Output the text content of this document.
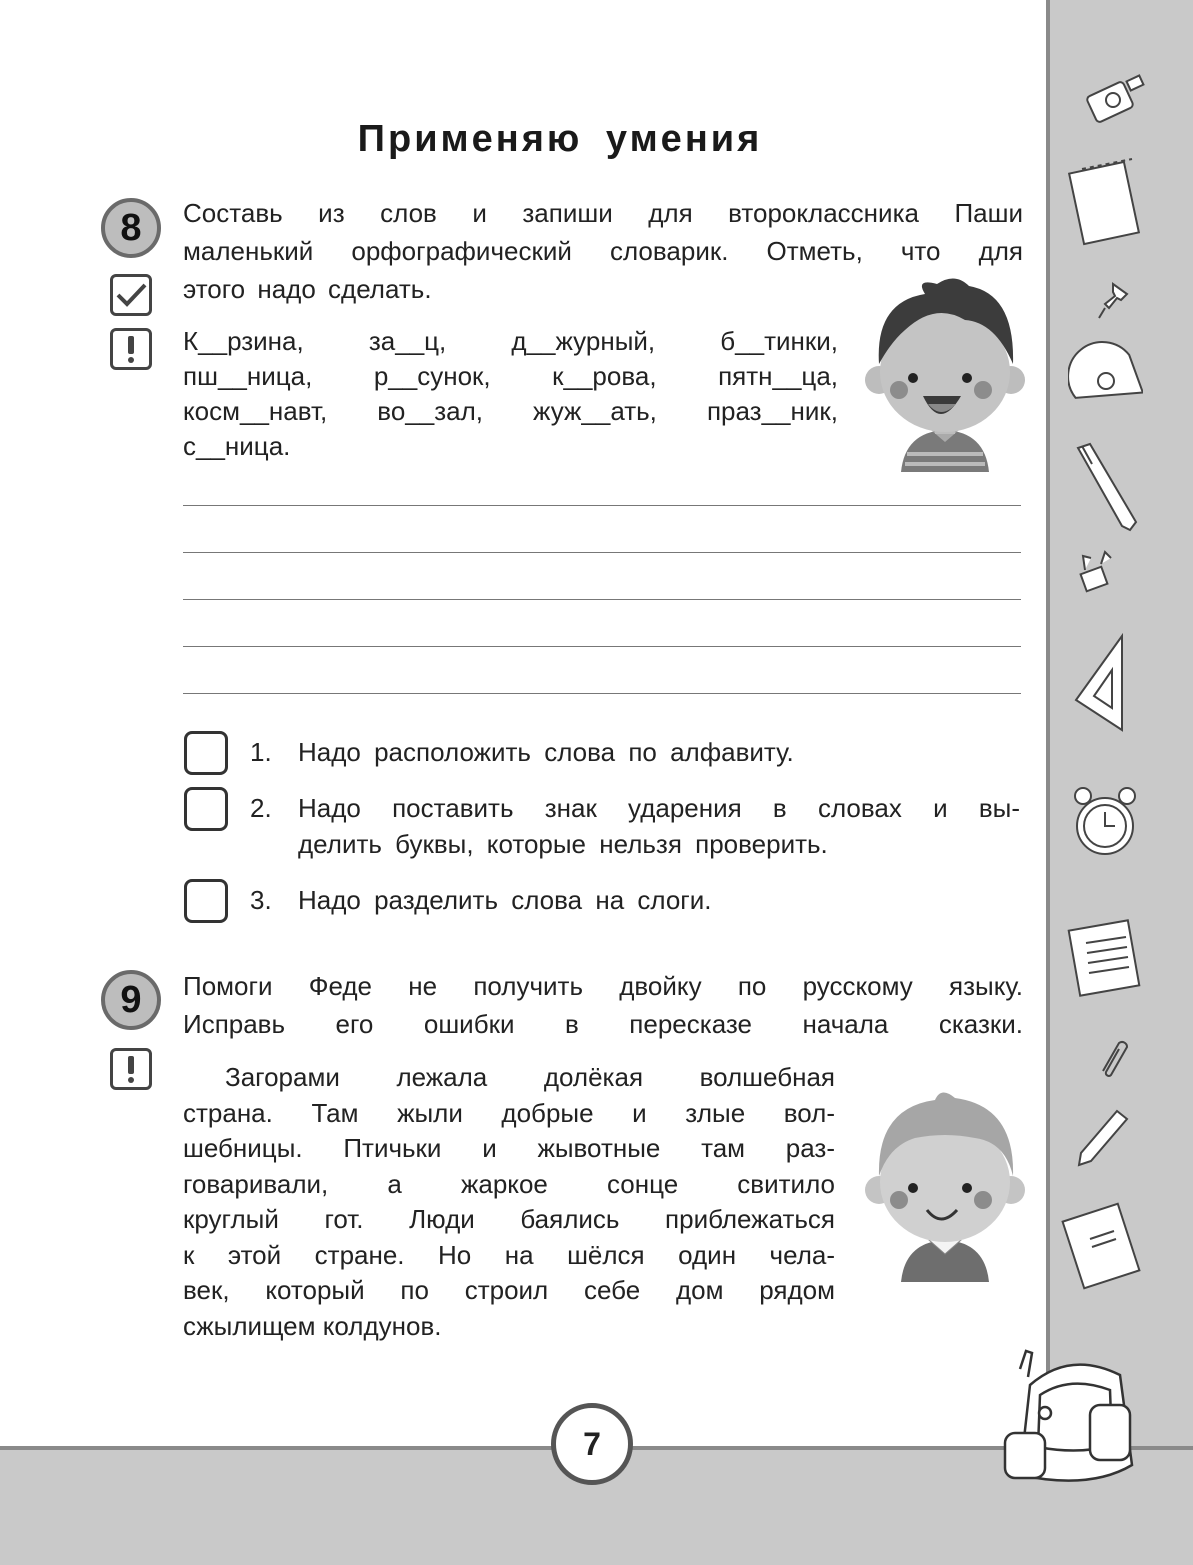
Применяю умения
8	Составь из слов и запиши для второклассника Паши
маленький орфографический словарик. Отметь, что для
этого надо сделать.
К__рзина, за__ц, д__журный, б__тинки,
пш__ница, р__сунок, к__рова, пятн__ца,
косм__навт, во__зал, жуж__ать, праз__ник,
с__ница.
1. Надо расположить слова по алфавиту.
2. Надо поставить знак ударения в словах и вы-
делить буквы, которые нельзя проверить.
3. Надо разделить слова на слоги.
9	Помоги Феде не получить двойку по русскому языку.
Исправь его ошибки в пересказе начала сказки.
Загорами лежала долёкая волшебная
страна. Там жыли добрые и злые вол-
шебницы. Птичьки и жывотные там раз-
говаривали, а жаркое сонце свитило
круглый гот. Люди баялись приблежаться
к этой стране. Но на шёлся один чела-
век, который по строил себе дом рядом
сжылищем колдунов.
7
